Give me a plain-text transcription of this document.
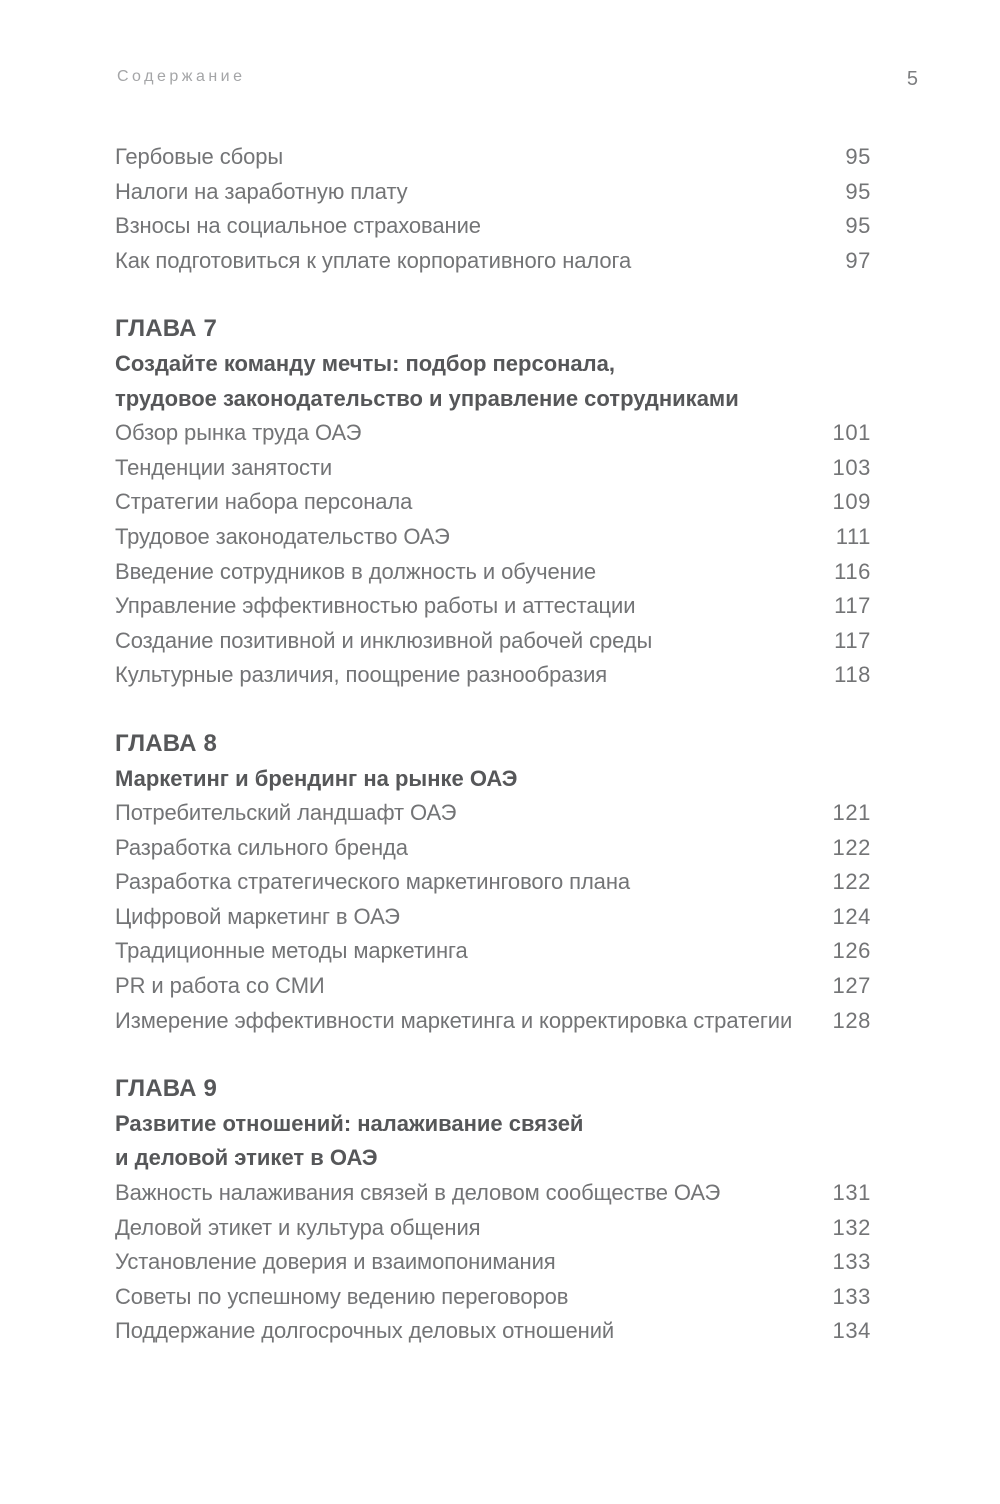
Содержание	5
Гербовые сборы	95
Налоги на заработную плату	95
Взносы на социальное страхование	95
Как подготовиться к уплате корпоративного налога	97
ГЛАВА 7
Создайте команду мечты: подбор персонала,
трудовое законодательство и управление сотрудниками
Обзор рынка труда ОАЭ	101
Тенденции занятости	103
Стратегии набора персонала	109
Трудовое законодательство ОАЭ	111
Введение сотрудников в должность и обучение	116
Управление эффективностью работы и аттестации	117
Создание позитивной и инклюзивной рабочей среды	117
Культурные различия, поощрение разнообразия	118
ГЛАВА 8
Маркетинг и брендинг на рынке ОАЭ
Потребительский ландшафт ОАЭ	121
Разработка сильного бренда	122
Разработка стратегического маркетингового плана	122
Цифровой маркетинг в ОАЭ	124
Традиционные методы маркетинга	126
PR и работа со СМИ	127
Измерение эффективности маркетинга и корректировка стратегии	128
ГЛАВА 9
Развитие отношений: налаживание связей
и деловой этикет в ОАЭ
Важность налаживания связей в деловом сообществе ОАЭ	131
Деловой этикет и культура общения	132
Установление доверия и взаимопонимания	133
Советы по успешному ведению переговоров	133
Поддержание долгосрочных деловых отношений	134
